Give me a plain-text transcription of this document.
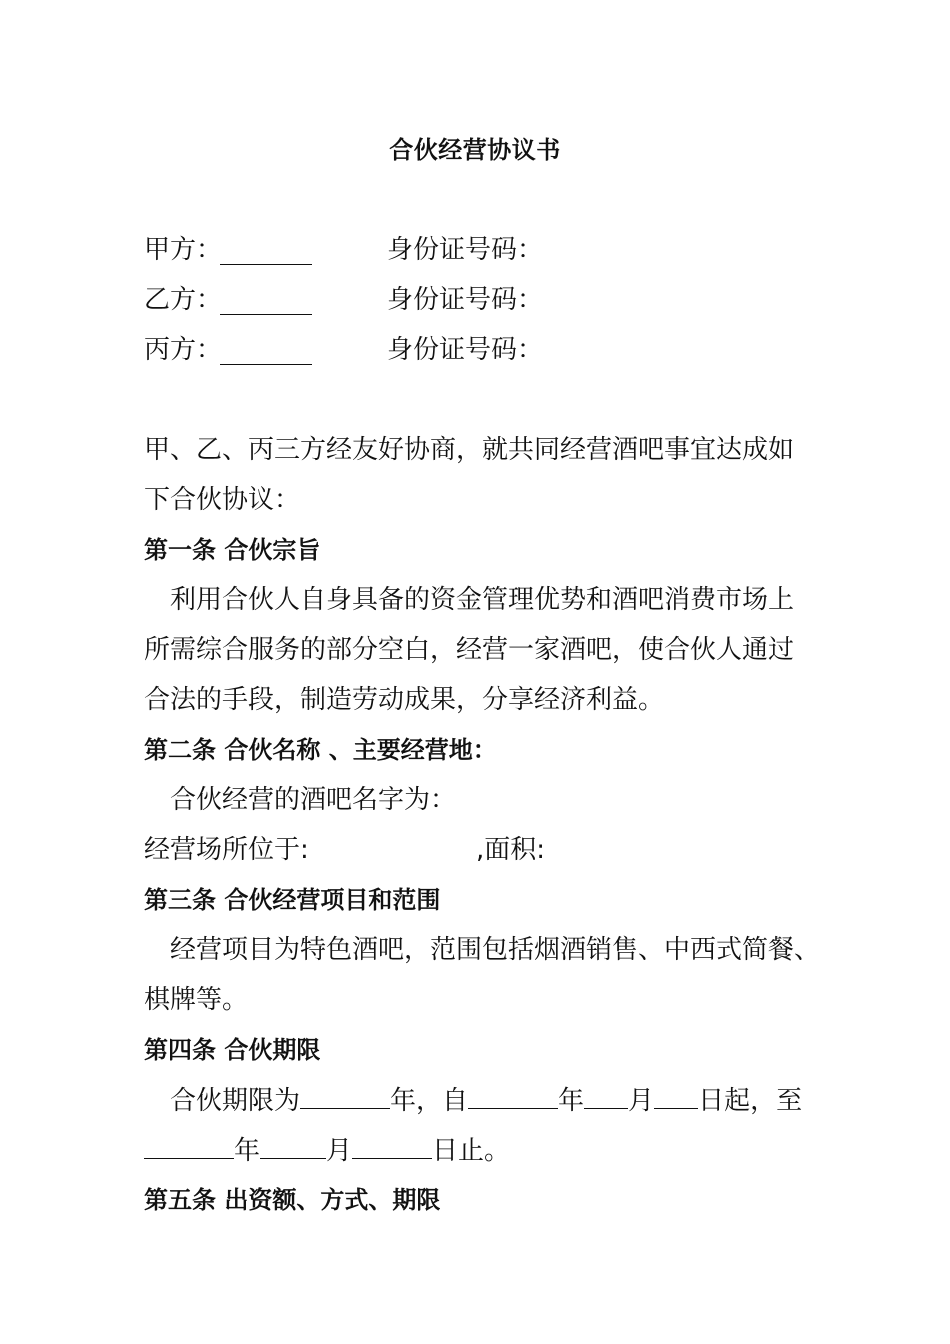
合伙经营协议书
甲方：	身份证号码：
乙方：	身份证号码：
丙方：	身份证号码：
甲、乙、丙三方经友好协商，就共同经营酒吧事宜达成如
下合伙协议：
第一条 合伙宗旨
利用合伙人自身具备的资金管理优势和酒吧消费市场上
所需综合服务的部分空白，经营一家酒吧，使合伙人通过
合法的手段，制造劳动成果，分享经济利益。
第二条 合伙名称 、主要经营地：
合伙经营的酒吧名字为：
经营场所位于:	,面积:
第三条 合伙经营项目和范围
经营项目为特色酒吧，范围包括烟酒销售、中西式简餐、
棋牌等。
第四条 合伙期限
合伙期限为	年，自	年 月 日起，至
年	月	日止。
第五条 出资额、方式、期限
